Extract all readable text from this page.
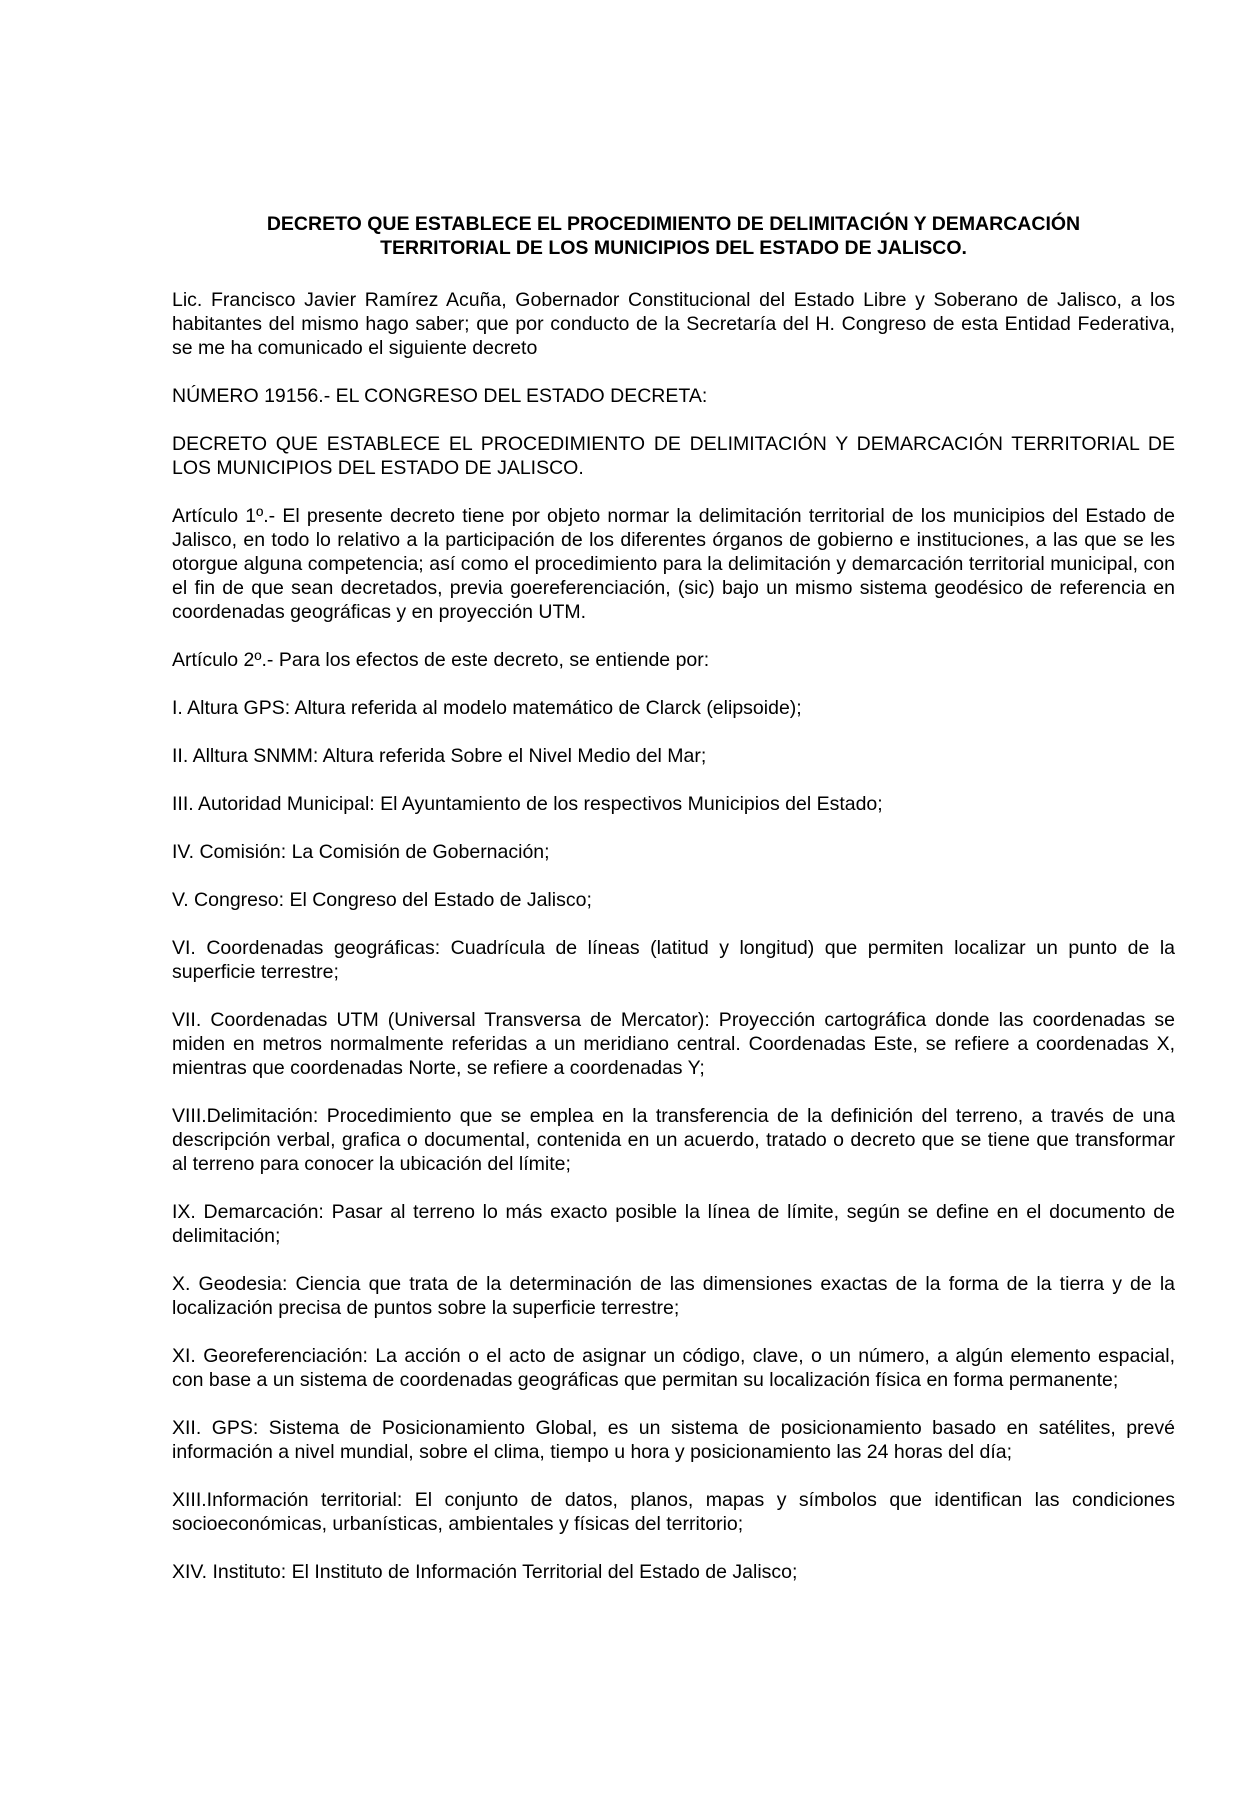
DECRETO QUE ESTABLECE EL PROCEDIMIENTO DE DELIMITACIÓN Y DEMARCACIÓN
TERRITORIAL DE LOS MUNICIPIOS DEL ESTADO DE JALISCO.

Lic. Francisco Javier Ramírez Acuña, Gobernador Constitucional del Estado Libre y Soberano de Jalisco, a los habitantes del mismo hago saber; que por conducto de la Secretaría del H. Congreso de esta Entidad Federativa, se me ha comunicado el siguiente decreto

NÚMERO 19156.- EL CONGRESO DEL ESTADO DECRETA:

DECRETO QUE ESTABLECE EL PROCEDIMIENTO DE DELIMITACIÓN Y DEMARCACIÓN TERRITORIAL DE LOS MUNICIPIOS DEL ESTADO DE JALISCO.

Artículo 1º.- El presente decreto tiene por objeto normar la delimitación territorial de los municipios del Estado de Jalisco, en todo lo relativo a la participación de los diferentes órganos de gobierno e instituciones, a las que se les otorgue alguna competencia; así como el procedimiento para la delimitación y demarcación territorial municipal, con el fin de que sean decretados, previa goereferenciación, (sic) bajo un mismo sistema geodésico de referencia en coordenadas geográficas y en proyección UTM.

Artículo 2º.- Para los efectos de este decreto, se entiende por:

I. Altura GPS: Altura referida al modelo matemático de Clarck (elipsoide);

II. Alltura SNMM: Altura referida Sobre el Nivel Medio del Mar;

III. Autoridad Municipal: El Ayuntamiento de los respectivos Municipios del Estado;

IV. Comisión: La Comisión de Gobernación;

V. Congreso: El Congreso del Estado de Jalisco;

VI. Coordenadas geográficas: Cuadrícula de líneas (latitud y longitud) que permiten localizar un punto de la superficie terrestre;

VII. Coordenadas UTM (Universal Transversa de Mercator): Proyección cartográfica donde las coordenadas se miden en metros normalmente referidas a un meridiano central. Coordenadas Este, se refiere a coordenadas X, mientras que coordenadas Norte, se refiere a coordenadas Y;

VIII.Delimitación: Procedimiento que se emplea en la transferencia de la definición del terreno, a través de una descripción verbal, grafica o documental, contenida en un acuerdo, tratado o decreto que se tiene que transformar al terreno para conocer la ubicación del límite;

IX. Demarcación: Pasar al terreno lo más exacto posible la línea de límite, según se define en el documento de delimitación;

X. Geodesia: Ciencia que trata de la determinación de las dimensiones exactas de la forma de la tierra y de la localización precisa de puntos sobre la superficie terrestre;

XI. Georeferenciación: La acción o el acto de asignar un código, clave, o un número, a algún elemento espacial, con base a un sistema de coordenadas geográficas que permitan su localización física en forma permanente;

XII. GPS: Sistema de Posicionamiento Global, es un sistema de posicionamiento basado en satélites, prevé información a nivel mundial, sobre el clima, tiempo u hora y posicionamiento las 24 horas del día;

XIII.Información territorial: El conjunto de datos, planos, mapas y símbolos que identifican las condiciones socioeconómicas, urbanísticas, ambientales y físicas del territorio;

XIV. Instituto: El Instituto de Información Territorial del Estado de Jalisco;
